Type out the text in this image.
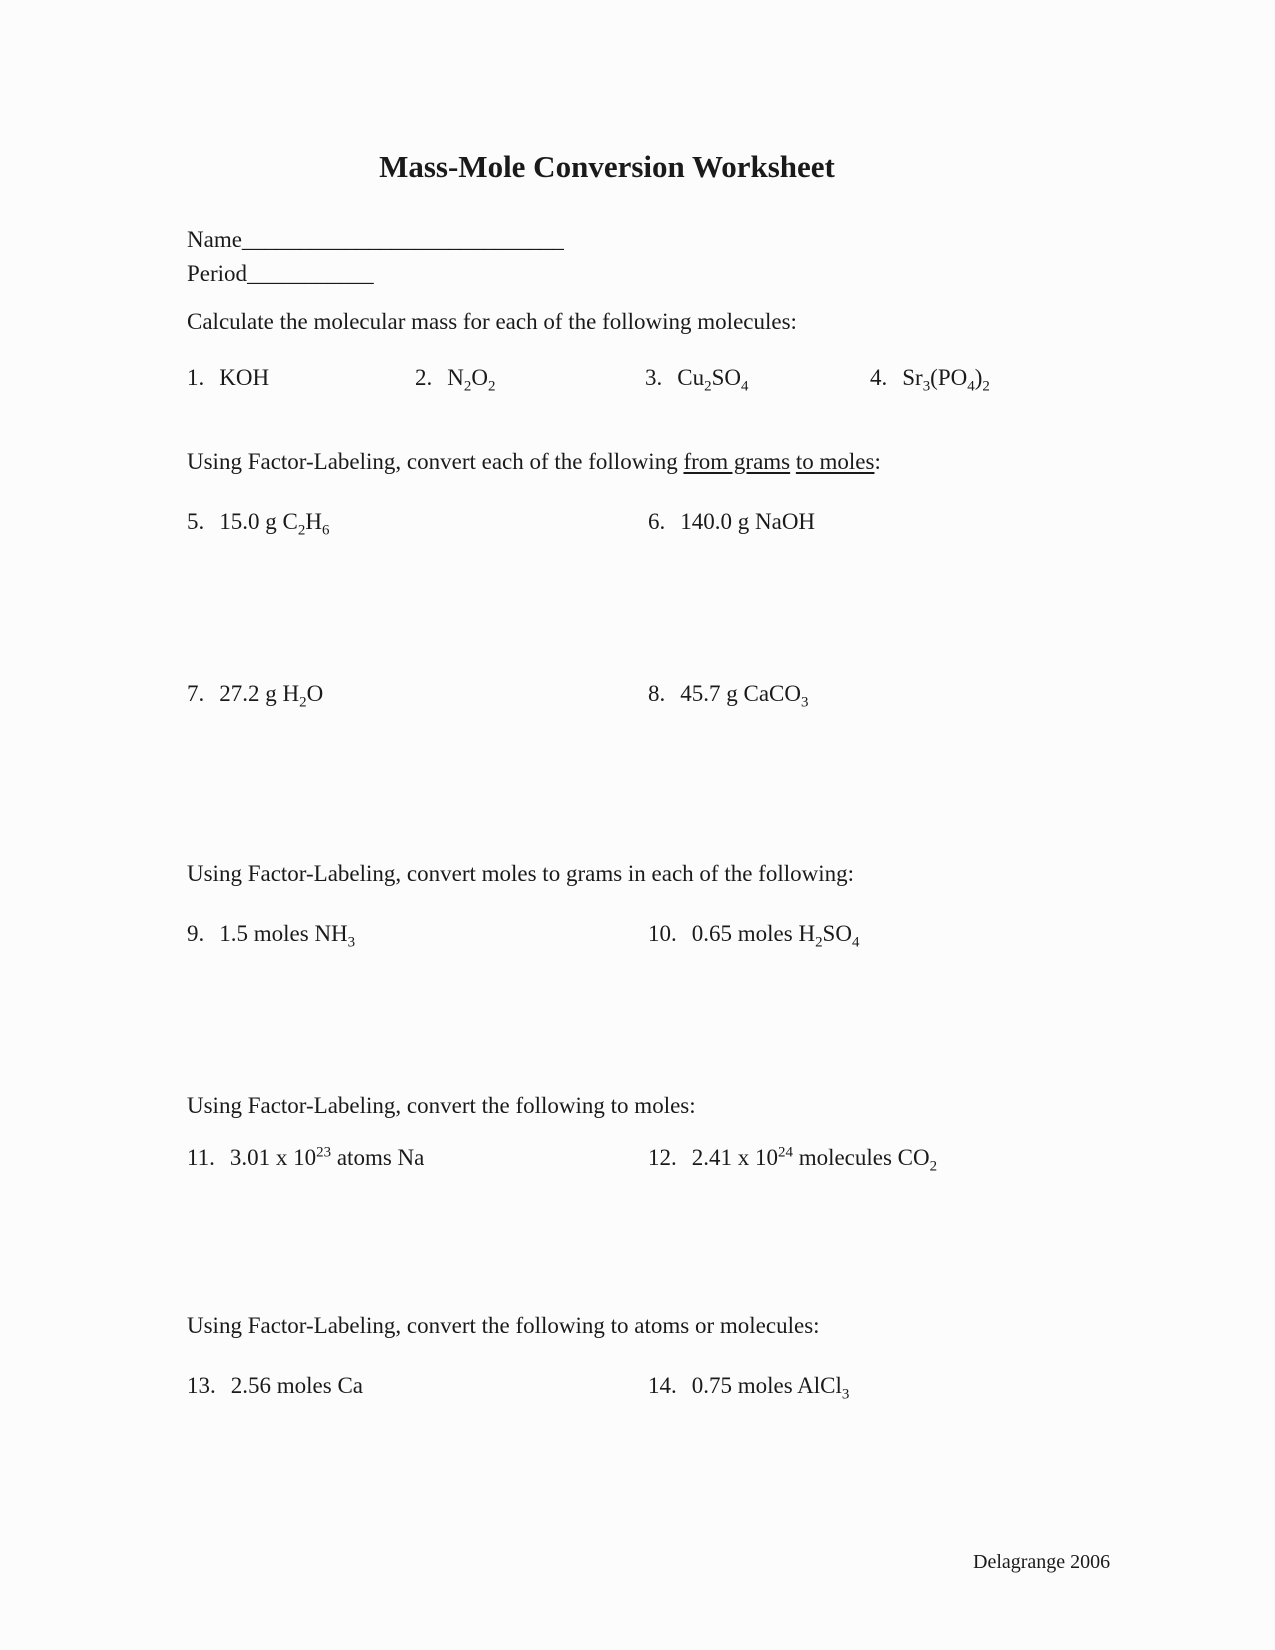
Mass-Mole Conversion Worksheet
Name____________________________
Period___________
Calculate the molecular mass for each of the following molecules:
1. KOH	2. $N_2O_2$	3. $Cu_2SO_4$	4. $Sr_3(PO_4)_2$
Using Factor-Labeling, convert each of the following from grams to moles:
5. 15.0 g $C_2H_6$	6. 140.0 g NaOH
7. 27.2 g $H_2O$	8. 45.7 g CaCO$_3$
Using Factor-Labeling, convert moles to grams in each of the following:
9. 1.5 moles $NH_3$	10. 0.65 moles $H_2SO_4$
Using Factor-Labeling, convert the following to moles:
11. 3.01 x $10^{23}$ atoms Na	12. 2.41 x $10^{24}$ molecules $CO_2$
Using Factor-Labeling, convert the following to atoms or molecules:
13. 2.56 moles Ca	14. 0.75 moles AlCl$_3$
Delagrange 2006
